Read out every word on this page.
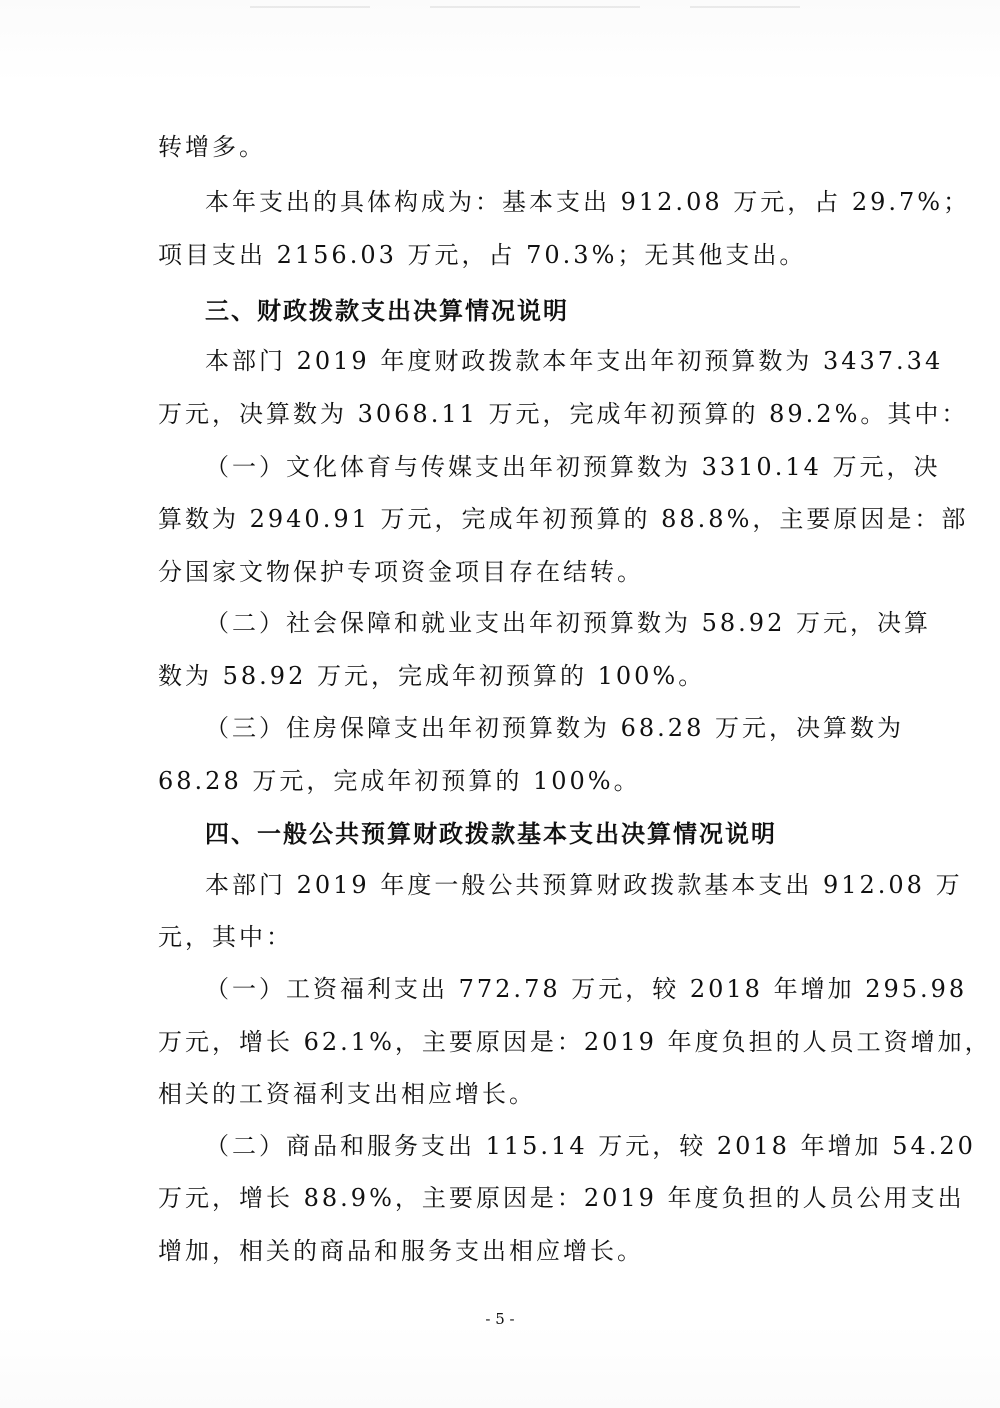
转增多。
本年支出的具体构成为：基本支出 912.08 万元，占 29.7%；
项目支出 2156.03 万元，占 70.3%；无其他支出。
三、财政拨款支出决算情况说明
本部门 2019 年度财政拨款本年支出年初预算数为 3437.34
万元，决算数为 3068.11 万元，完成年初预算的 89.2%。其中：
（一）文化体育与传媒支出年初预算数为 3310.14 万元，决
算数为 2940.91 万元，完成年初预算的 88.8%，主要原因是：部
分国家文物保护专项资金项目存在结转。
（二）社会保障和就业支出年初预算数为 58.92 万元，决算
数为 58.92 万元，完成年初预算的 100%。
（三）住房保障支出年初预算数为 68.28 万元，决算数为
68.28 万元，完成年初预算的 100%。
四、一般公共预算财政拨款基本支出决算情况说明
本部门 2019 年度一般公共预算财政拨款基本支出 912.08 万
元，其中：
（一）工资福利支出 772.78 万元，较 2018 年增加 295.98
万元，增长 62.1%，主要原因是：2019 年度负担的人员工资增加，
相关的工资福利支出相应增长。
（二）商品和服务支出 115.14 万元，较 2018 年增加 54.20
万元，增长 88.9%，主要原因是：2019 年度负担的人员公用支出
增加，相关的商品和服务支出相应增长。
- 5 -
